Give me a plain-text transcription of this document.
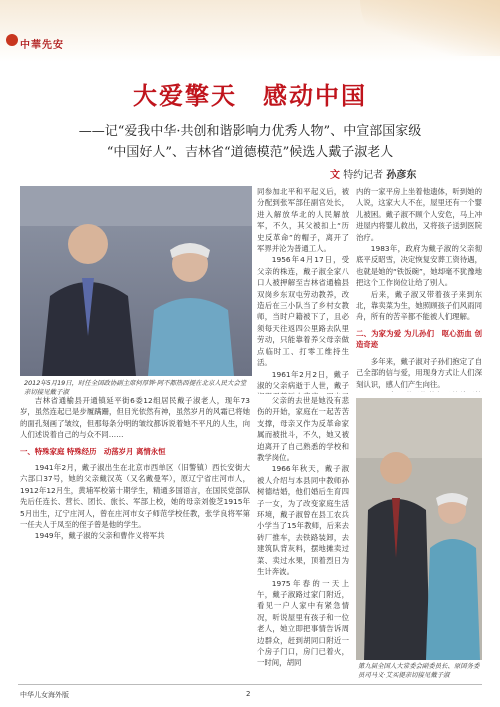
中華先安
大爱擎天　感动中国
——记“爱我中华·共创和谐影响力优秀人物”、中宣部国家级
“中国好人”、吉林省“道德模范”候选人戴子淑老人
文 特约记者 孙彦东
2012年5月19日，时任全国政协副主席何厚铧·阿不都热西提在北京人民大会堂亲切接见戴子淑

吉林省通榆县开通镇延平街6委12组居民戴子淑老人，现年73岁，虽然连起已是步履蹒跚，但目光依然有神，虽然岁月的风霜已将她的面孔刻画了皱纹，但那每条分明的皱纹都诉说着她不平凡的人生，向人们述说着自己的与众不同……

一、特殊家庭 特殊经历　动荡岁月 离情永恒

1941年2月，戴子淑出生在北京市西单区（旧警镇）西长安街大六部口37号，她的父亲戴汉英（又名戴曼军），原辽宁省庄河市人，1912年12月生，黄埔军校第十期学生，精通多国语言，在国民党部队先后任连长、营长、团长、旅长、军部上校，她的母亲刘俊芝1915年5月出生，辽宁庄河人，曾在庄河市女子师范学校任教，张学良将军第一任夫人于凤至的侄子曾是他的学生。

1949年，戴子淑的父亲和曹作义将军共

同参加北平和平起义后，被分配到张军部任副官处长，进入解放华北的人民解放军，不久，其父被扣上“历史反革命”的帽子，离开了军界并沦为普通工人。

1956年4月17日，受父亲的株连，戴子淑全家八口人被押解至吉林省通榆县双岗乡东双屯劳动教养，改造后在三小队当了乡村女教师，当时户籍被下了，且必须每天往返四公里路去队里劳动，只能靠着养父母亲做点临时工、打零工维持生活。

1961年2月2日，戴子淑的父亲病逝于人世，戴子

内的一家平房上坐着他遗体，听到她的人说，这家大人不在，屋里还有一个婴儿被困。戴子淑不顾个人安危，马上冲进屋内将婴儿救出，又将孩子送到医院治疗。

1983年，政府为戴子淑的父亲彻底平反昭雪，决定恢复安葬工资待遇，也就是她的“铁饭碗”，她却毫不犹豫地把这个工作岗位让给了别人。

后来，戴子淑又带着孩子来到东北，靠卖菜为生，她照顾孩子们风雨同舟，所有的苦辛都不能被人们理解。

二、为家为爱 为儿孙们　呕心沥血 创造奇迹

多年来，戴子淑对子孙们抱定了自己全部的信与爱，用现身方式让人们深刻认识，感人们产生向往。

父亲的去世是她没有悲伤的开始，家庭在一起苦苦支撑，母亲又作为反革命家属而被批斗，不久，她又被迫离开了自己熟悉的学校和教学岗位。

1966年秋天，戴子淑被人介绍与本县同中教师孙树德结婚，他们婚后生育四子一女，为了改变家庭生活环境，戴子淑曾在县工农兵小学当了15年教师，后来去砖厂推车，去铁路装卸，去建筑队背灰料，摆地摊卖过菜、卖过水果，顶着烈日为生计奔波。

1975年春的一天上午，戴子淑路过家门附近，看见一户人家中有紧急情况，听说屋里有孩子和一位老人，她立即把事情告诉周边群众，赶到胡同口附近一个房子门口，房门已着火，一时间，胡同	第九届全国人大常委会副委员长、原国务委员司马义·艾买提亲切接见戴子淑
中华儿女海外版	2
